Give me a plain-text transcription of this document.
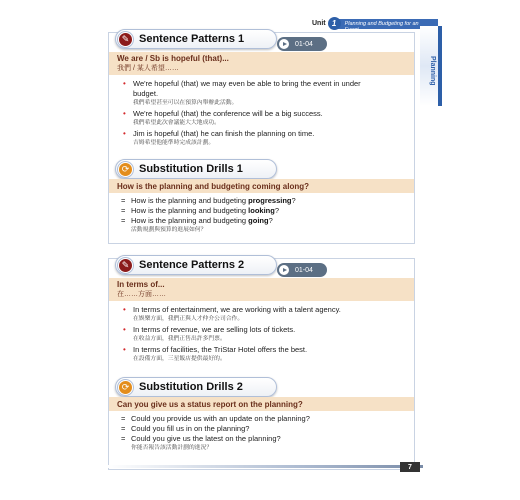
Unit 1	Planning and Budgeting for an Event
Planning
✎ Sentence Patterns 1	01-04
We are / Sb is hopeful (that)...
我們 / 某人希望……
• We're hopeful (that) we may even be able to bring the event in under
budget.
我們希望甚至可以在預算內舉辦此活動。
• We're hopeful (that) the conference will be a big success.
我們希望此次會議能大大地成功。
• Jim is hopeful (that) he can finish the planning on time.
吉姆希望他能準時完成該計劃。
⟳ Substitution Drills 1
How is the planning and budgeting coming along?
= How is the planning and budgeting progressing?
= How is the planning and budgeting looking?
= How is the planning and budgeting going?
活動規劃與預算的進展如何？
✎ Sentence Patterns 2	01-04
In terms of...
在……方面……
• In terms of entertainment, we are working with a talent agency.
在娛樂方面，我們正與人才仲介公司合作。
• In terms of revenue, we are selling lots of tickets.
在收益方面，我們正售出許多門票。
• In terms of facilities, the TriStar Hotel offers the best.
在設備方面，三星飯店提供最好的。
⟳ Substitution Drills 2
Can you give us a status report on the planning?
= Could you provide us with an update on the planning?
= Could you fill us in on the planning?
= Could you give us the latest on the planning?
你能否報告該活動計劃的進況？
7
